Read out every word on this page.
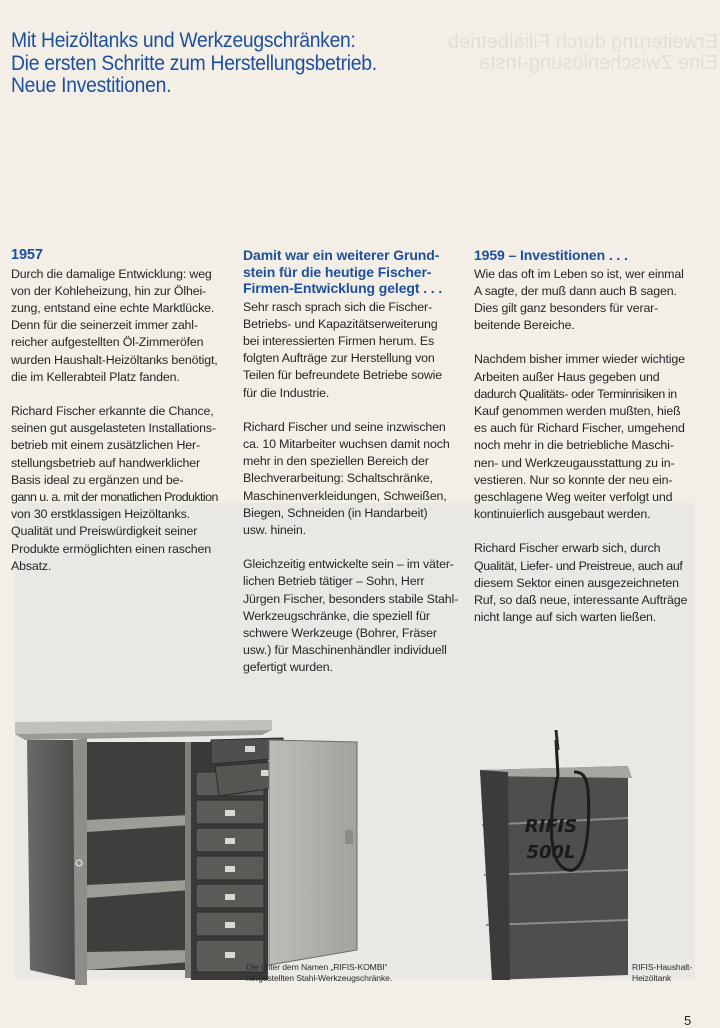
Erweiterung durch Filialbetrieb
Eine Zwischenlösung-Insta
Mit Heizöltanks und Werkzeugschränken:
Die ersten Schritte zum Herstellungsbetrieb.
Neue Investitionen.
1957

Durch die damalige Entwicklung: weg
von der Kohleheizung, hin zur Ölhei-
zung, entstand eine echte Marktlücke.
Denn für die seinerzeit immer zahl-
reicher aufgestellten Öl-Zimmeröfen
wurden Haushalt-Heizöltanks benötigt,
die im Kellerabteil Platz fanden.

Richard Fischer erkannte die Chance,
seinen gut ausgelasteten Installations-
betrieb mit einem zusätzlichen Her-
stellungsbetrieb auf handwerklicher
Basis ideal zu ergänzen und be-
gann u. a. mit der monatlichen Produktion
von 30 erstklassigen Heizöltanks.
Qualität und Preiswürdigkeit seiner
Produkte ermöglichten einen raschen
Absatz.

Damit war ein weiterer Grund-
stein für die heutige Fischer-
Firmen-Entwicklung gelegt . . .

Sehr rasch sprach sich die Fischer-
Betriebs- und Kapazitätserweiterung
bei interessierten Firmen herum. Es
folgten Aufträge zur Herstellung von
Teilen für befreundete Betriebe sowie
für die Industrie.

Richard Fischer und seine inzwischen
ca. 10 Mitarbeiter wuchsen damit noch
mehr in den speziellen Bereich der
Blechverarbeitung: Schaltschränke,
Maschinenverkleidungen, Schweißen,
Biegen, Schneiden (in Handarbeit)
usw. hinein.

Gleichzeitig entwickelte sein – im väter-
lichen Betrieb tätiger – Sohn, Herr
Jürgen Fischer, besonders stabile Stahl-
Werkzeugschränke, die speziell für
schwere Werkzeuge (Bohrer, Fräser
usw.) für Maschinenhändler individuell
gefertigt wurden.

1959 – Investitionen . . .

Wie das oft im Leben so ist, wer einmal
A sagte, der muß dann auch B sagen.
Dies gilt ganz besonders für verar-
beitende Bereiche.

Nachdem bisher immer wieder wichtige
Arbeiten außer Haus gegeben und
dadurch Qualitäts- oder Terminrisiken in
Kauf genommen werden mußten, hieß
es auch für Richard Fischer, umgehend
noch mehr in die betriebliche Maschi-
nen- und Werkzeugausstattung zu in-
vestieren. Nur so konnte der neu ein-
geschlagene Weg weiter verfolgt und
kontinuierlich ausgebaut werden.

Richard Fischer erwarb sich, durch
Qualität, Liefer- und Preistreue, auch auf
diesem Sektor einen ausgezeichneten
Ruf, so daß neue, interessante Aufträge
nicht lange auf sich warten ließen.

RIFIS
500L
Die unter dem Namen „RIFIS-KOMBI“
hergestellten Stahl-Werkzeugschränke.
RIFIS-Haushalt-
Heizöltank
5
